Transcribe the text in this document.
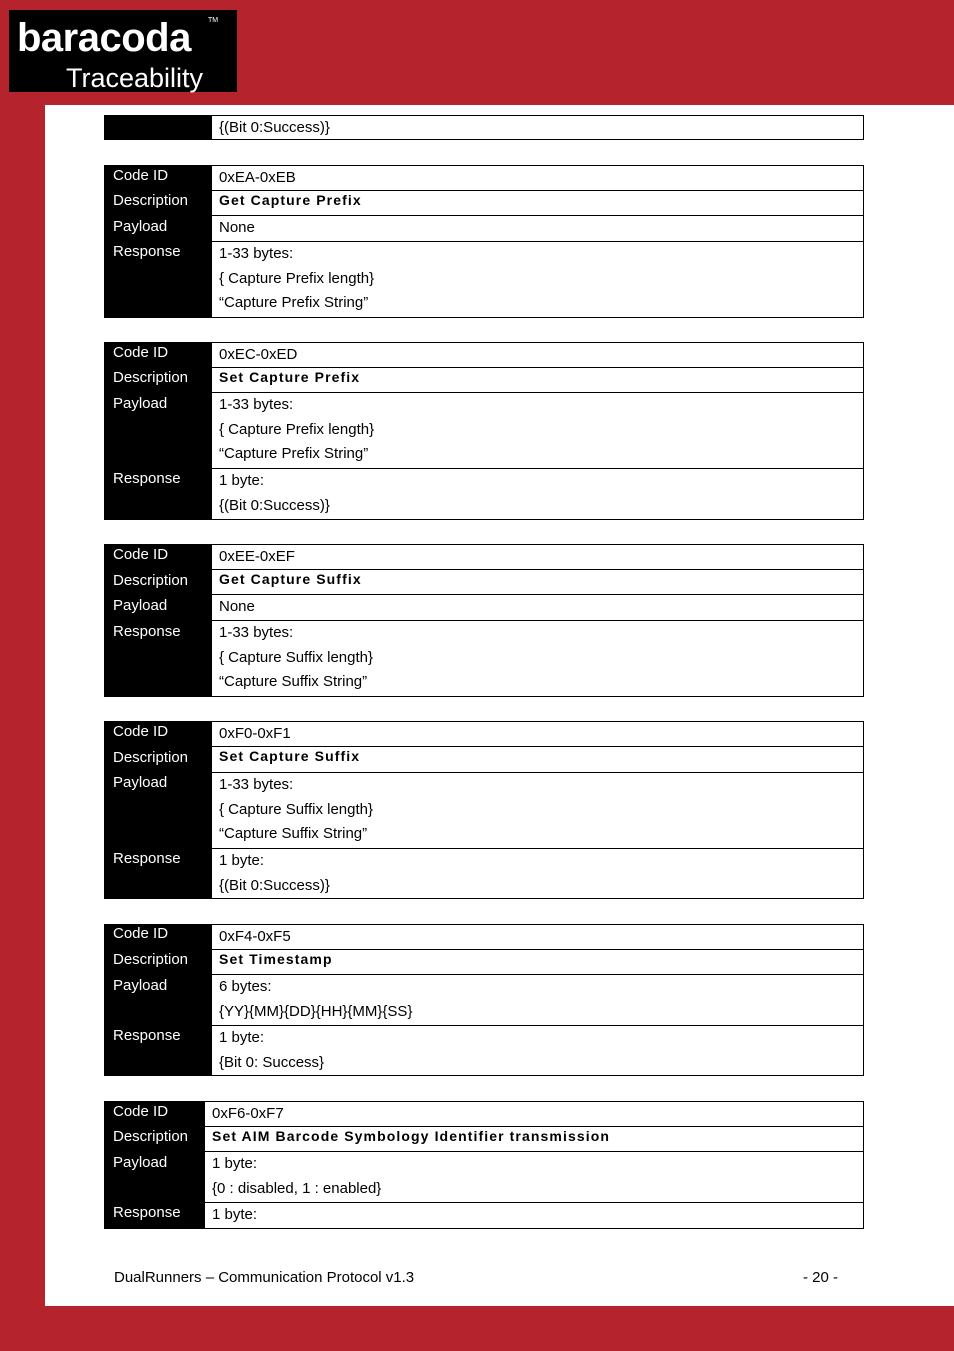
baracoda TM
Traceability
{(Bit 0:Success)}
Code ID
Description
Payload
Response
0xEA-0xEB
Get Capture Prefix
None
1-33 bytes:
{ Capture Prefix length}
“Capture Prefix String”
Code ID
Description
Payload
Response
0xEC-0xED
Set Capture Prefix
1-33 bytes:
{ Capture Prefix length}
“Capture Prefix String”
1 byte:
{(Bit 0:Success)}
Code ID
Description
Payload
Response
0xEE-0xEF
Get Capture Suffix
None
1-33 bytes:
{ Capture Suffix length}
“Capture Suffix String”
Code ID
Description
Payload
Response
0xF0-0xF1
Set Capture Suffix
1-33 bytes:
{ Capture Suffix length}
“Capture Suffix String”
1 byte:
{(Bit 0:Success)}
Code ID
Description
Payload
Response
0xF4-0xF5
Set Timestamp
6 bytes:
{YY}{MM}{DD}{HH}{MM}{SS}
1 byte:
{Bit 0: Success}
Code ID
Description
Payload
Response
0xF6-0xF7
Set AIM Barcode Symbology Identifier transmission
1 byte:
{0 : disabled, 1 : enabled}
1 byte:
DualRunners – Communication Protocol v1.3	- 20 -
